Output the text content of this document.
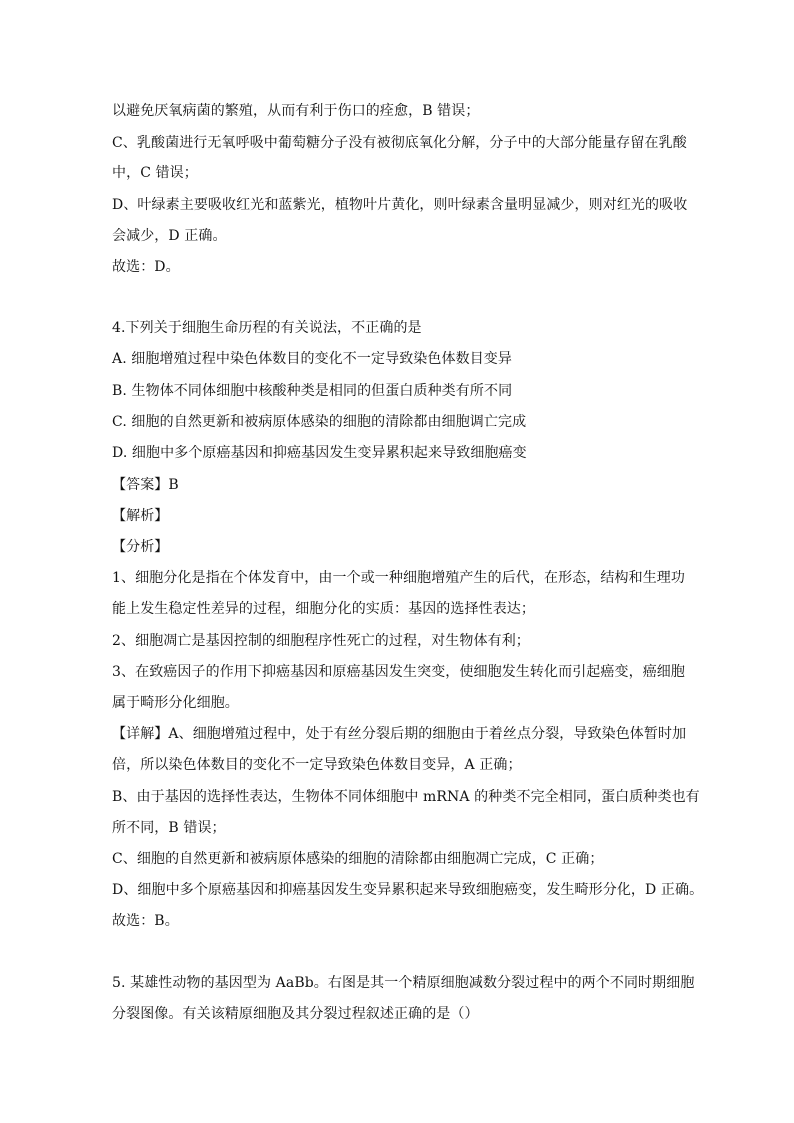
以避免厌氧病菌的繁殖，从而有利于伤口的痊愈，B 错误；
C、乳酸菌进行无氧呼吸中葡萄糖分子没有被彻底氧化分解，分子中的大部分能量存留在乳酸
中，C 错误；
D、叶绿素主要吸收红光和蓝紫光，植物叶片黄化，则叶绿素含量明显减少，则对红光的吸收
会减少，D 正确。
故选：D。
4.下列关于细胞生命历程的有关说法，不正确的是
A. 细胞增殖过程中染色体数目的变化不一定导致染色体数目变异
B. 生物体不同体细胞中核酸种类是相同的但蛋白质种类有所不同
C. 细胞的自然更新和被病原体感染的细胞的清除都由细胞调亡完成
D. 细胞中多个原癌基因和抑癌基因发生变异累积起来导致细胞癌变
【答案】B
【解析】
【分析】
1、细胞分化是指在个体发育中，由一个或一种细胞增殖产生的后代，在形态，结构和生理功
能上发生稳定性差异的过程，细胞分化的实质：基因的选择性表达；
2、细胞凋亡是基因控制的细胞程序性死亡的过程，对生物体有利；
3、在致癌因子的作用下抑癌基因和原癌基因发生突变，使细胞发生转化而引起癌变，癌细胞
属于畸形分化细胞。
【详解】A、细胞增殖过程中，处于有丝分裂后期的细胞由于着丝点分裂，导致染色体暂时加
倍，所以染色体数目的变化不一定导致染色体数目变异，A 正确；
B、由于基因的选择性表达，生物体不同体细胞中 mRNA 的种类不完全相同，蛋白质种类也有
所不同，B 错误；
C、细胞的自然更新和被病原体感染的细胞的清除都由细胞凋亡完成，C 正确；
D、细胞中多个原癌基因和抑癌基因发生变异累积起来导致细胞癌变，发生畸形分化，D 正确。
故选：B。
5. 某雄性动物的基因型为 AaBb。右图是其一个精原细胞减数分裂过程中的两个不同时期细胞
分裂图像。有关该精原细胞及其分裂过程叙述正确的是（）
